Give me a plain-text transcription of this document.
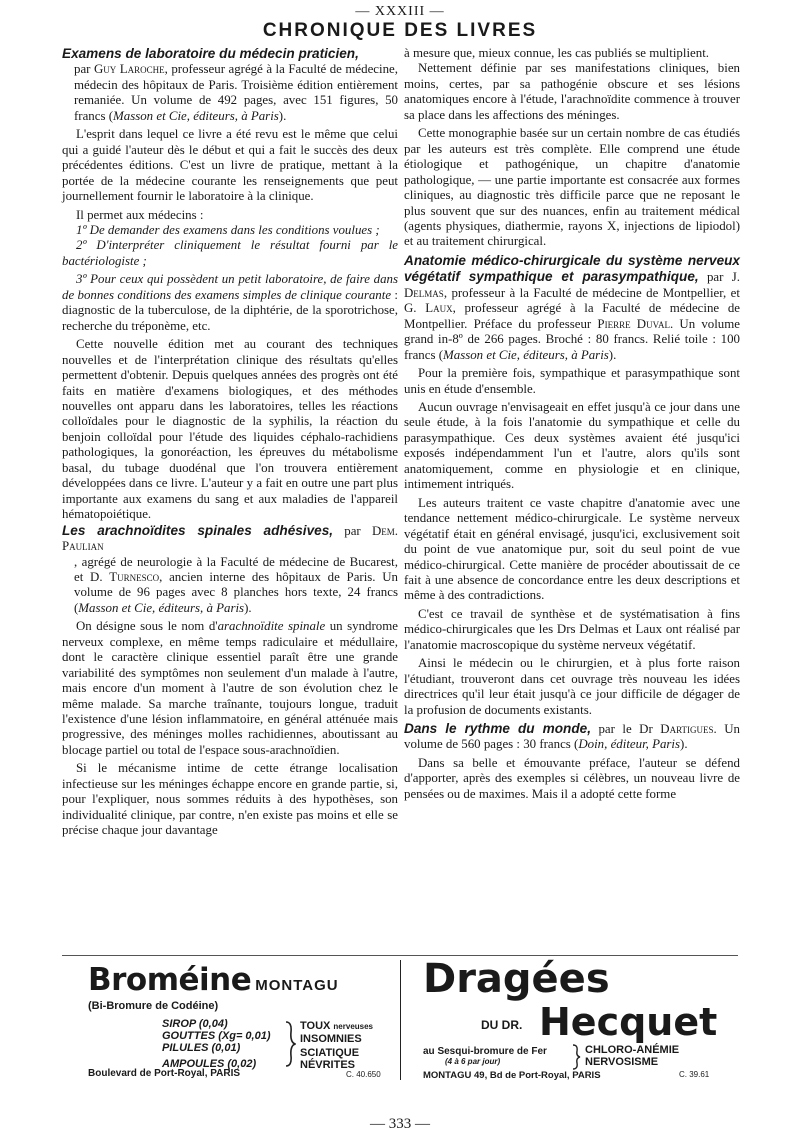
— XXXIII —
CHRONIQUE DES LIVRES

Examens de laboratoire du médecin praticien,

par Guy Laroche, professeur agrégé à la Faculté de médecine, médecin des hôpitaux de Paris. Troisième édition entièrement remaniée. Un volume de 492 pages, avec 151 figures, 50 francs (Masson et Cie, éditeurs, à Paris).

L'esprit dans lequel ce livre a été revu est le même que celui qui a guidé l'auteur dès le début et qui a fait le succès des deux précédentes éditions. C'est un livre de pratique, mettant à la portée de la médecine courante les renseignements que peut journellement fournir le laboratoire à la clinique.

Il permet aux médecins :

1º De demander des examens dans les conditions voulues ;

2º D'interpréter cliniquement le résultat fourni par le bactériologiste ;

3º Pour ceux qui possèdent un petit laboratoire, de faire dans de bonnes conditions des examens simples de clinique courante : diagnostic de la tuberculose, de la diphtérie, de la sporotrichose, recherche du tréponème, etc.

Cette nouvelle édition met au courant des techniques nouvelles et de l'interprétation clinique des résultats qu'elles permettent d'obtenir. Depuis quelques années des progrès ont été faits en matière d'examens biologiques, et des méthodes nouvelles ont apparu dans les laboratoires, telles les réactions colloïdales pour le diagnostic de la syphilis, la réaction du benjoin colloïdal pour l'étude des liquides céphalo-rachidiens pathologiques, la gonoréaction, les épreuves du métabolisme basal, du tubage duodénal que l'on trouvera entièrement développées dans ce livre. L'auteur y a fait en outre une part plus importante aux examens du sang et aux maladies de l'appareil hématopoiétique.

Les arachnoïdites spinales adhésives, par Dem. Paulian

, agrégé de neurologie à la Faculté de médecine de Bucarest, et D. Turnesco, ancien interne des hôpitaux de Paris. Un volume de 96 pages avec 8 planches hors texte, 24 francs (Masson et Cie, éditeurs, à Paris).

On désigne sous le nom d'arachnoïdite spinale un syndrome nerveux complexe, en même temps radiculaire et médullaire, dont le caractère clinique essentiel paraît être une grande variabilité des symptômes non seulement d'un malade à l'autre, mais encore d'un moment à l'autre de son évolution chez le même malade. Sa marche traînante, toujours longue, traduit l'existence d'une lésion inflammatoire, en général atténuée mais progressive, des méninges molles rachidiennes, aboutissant au blocage partiel ou total de l'espace sous-arachnoïdien.

Si le mécanisme intime de cette étrange localisation infectieuse sur les méninges échappe encore en grande partie, si, pour l'expliquer, nous sommes réduits à des hypothèses, son individualité clinique, par contre, n'en existe pas moins et elle se précise chaque jour davantage

à mesure que, mieux connue, les cas publiés se multiplient.

Nettement définie par ses manifestations cliniques, bien moins, certes, par sa pathogénie obscure et ses lésions anatomiques encore à l'étude, l'arachnoïdite commence à trouver sa place dans les affections des méninges.

Cette monographie basée sur un certain nombre de cas étudiés par les auteurs est très complète. Elle comprend une étude étiologique et pathogénique, un chapitre d'anatomie pathologique, — une partie importante est consacrée aux formes cliniques, au diagnostic très difficile parce que ne reposant le plus souvent que sur des nuances, enfin au traitement médical (agents physiques, diathermie, rayons X, injections de lipiodol) et au traitement chirurgical.

Anatomie médico-chirurgicale du système nerveux végétatif sympathique et parasympathique, par J. Delmas, professeur à la Faculté de médecine de Montpellier, et G. Laux, professeur agrégé à la Faculté de médecine de Montpellier. Préface du professeur Pierre Duval. Un volume grand in-8º de 266 pages. Broché : 80 francs. Relié toile : 100 francs (Masson et Cie, éditeurs, à Paris).

Pour la première fois, sympathique et parasympathique sont unis en étude d'ensemble.

Aucun ouvrage n'envisageait en effet jusqu'à ce jour dans une seule étude, à la fois l'anatomie du sympathique et celle du parasympathique. Ces deux systèmes avaient été jusqu'ici exposés indépendamment l'un et l'autre, alors qu'ils sont anatomiquement, comme en physiologie et en clinique, intimement intriqués.

Les auteurs traitent ce vaste chapitre d'anatomie avec une tendance nettement médico-chirurgicale. Le système nerveux végétatif était en général envisagé, jusqu'ici, exclusivement soit du point de vue anatomique pur, soit du seul point de vue médico-chirurgical. Cette manière de procéder aboutissait de ce fait à une absence de concordance entre les deux descriptions et même à des contradictions.

C'est ce travail de synthèse et de systématisation à fins médico-chirurgicales que les Drs Delmas et Laux ont réalisé par l'anatomie macroscopique du système nerveux végétatif.

Ainsi le médecin ou le chirurgien, et à plus forte raison l'étudiant, trouveront dans cet ouvrage très nouveau les idées directrices qu'il leur était jusqu'à ce jour difficile de dégager de la profusion de documents existants.

Dans le rythme du monde, par le Dr Dartigues. Un volume de 560 pages : 30 francs (Doin, éditeur, Paris).

Dans sa belle et émouvante préface, l'auteur se défend d'apporter, après des exemples si célèbres, un nouveau livre de pensées ou de maximes. Mais il a adopté cette forme

Broméine MONTAGU
(Bi-Bromure de Codéine)
SIROP (0,04)
GOUTTES (Xg= 0,01)
PILULES (0,01)
AMPOULES (0,02)
TOUX nerveuses
INSOMNIES
SCIATIQUE
NÉVRITES
Boulevard de Port-Royal, PARIS	C. 40.650
Dragées
DU DR. Hecquet
au Sesqui-bromure de Fer
(4 à 6 par jour)
CHLORO-ANÉMIE
NERVOSISME
MONTAGU 49, Bd de Port-Royal, PARIS	C. 39.61
— 333 —
